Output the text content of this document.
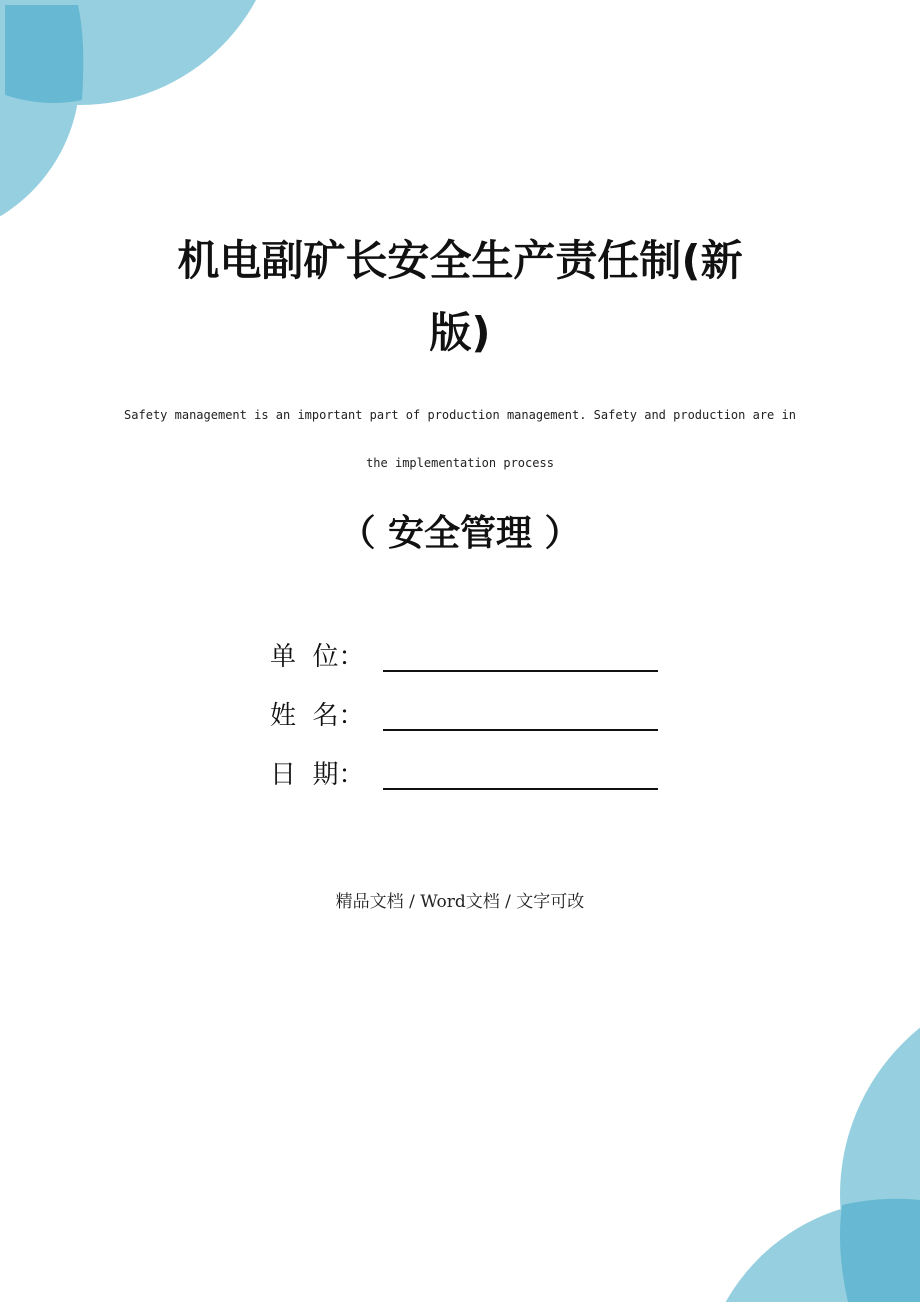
机电副矿长安全生产责任制(新
版)
Safety management is an important part of production management. Safety and production are in
the implementation process
（ 安全管理 ）
单  位：
姓  名：
日  期：
精品文档 / Word文档 / 文字可改
